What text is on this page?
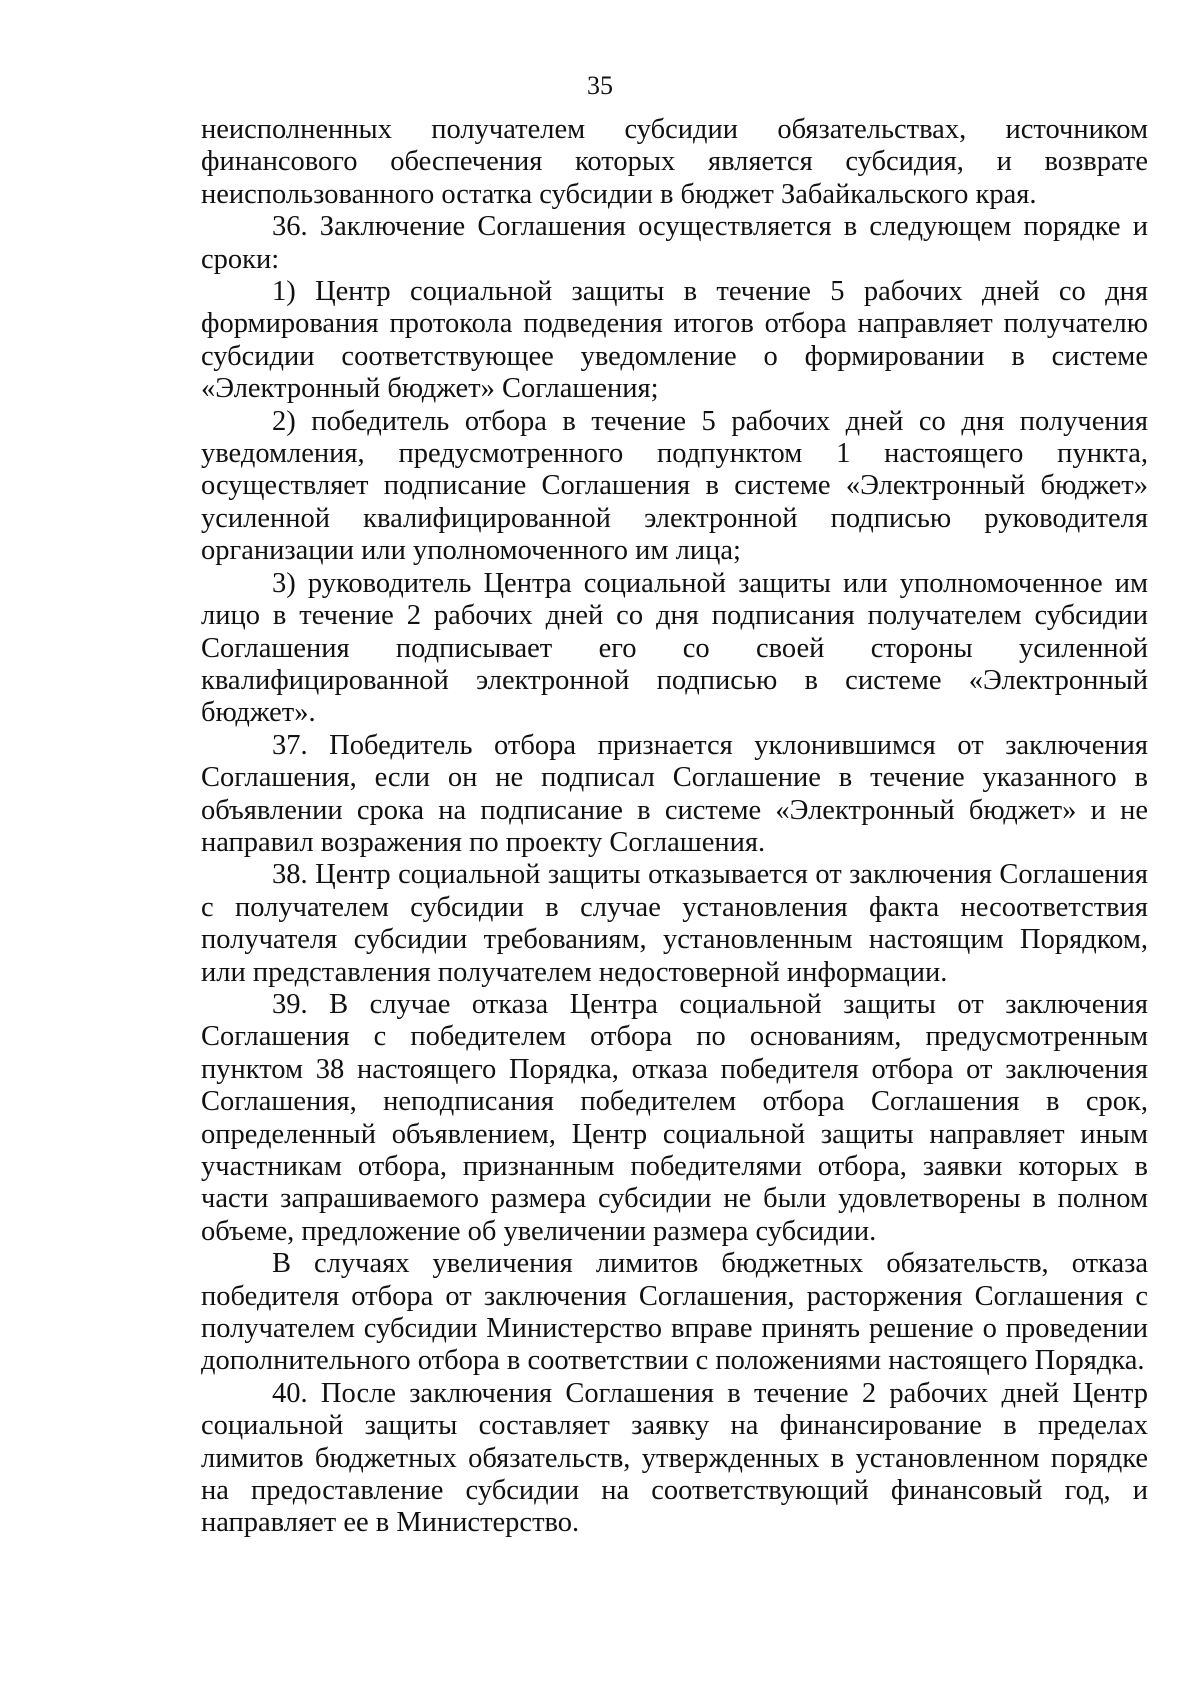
35

неисполненных получателем субсидии обязательствах, источником финансового обеспечения которых является субсидия, и возврате неиспользованного остатка субсидии в бюджет Забайкальского края.

36. Заключение Соглашения осуществляется в следующем порядке и сроки:

1) Центр социальной защиты в течение 5 рабочих дней со дня формирования протокола подведения итогов отбора направляет получателю субсидии соответствующее уведомление о формировании в системе «Электронный бюджет» Соглашения;

2) победитель отбора в течение 5 рабочих дней со дня получения уведомления, предусмотренного подпунктом 1 настоящего пункта, осуществляет подписание Соглашения в системе «Электронный бюджет» усиленной квалифицированной электронной подписью руководителя организации или уполномоченного им лица;

3) руководитель Центра социальной защиты или уполномоченное им лицо в течение 2 рабочих дней со дня подписания получателем субсидии Соглашения подписывает его со своей стороны усиленной квалифицированной электронной подписью в системе «Электронный бюджет».

37. Победитель отбора признается уклонившимся от заключения Соглашения, если он не подписал Соглашение в течение указанного в объявлении срока на подписание в системе «Электронный бюджет» и не направил возражения по проекту Соглашения.

38. Центр социальной защиты отказывается от заключения Соглашения с получателем субсидии в случае установления факта несоответствия получателя субсидии требованиям, установленным настоящим Порядком, или представления получателем недостоверной информации.

39. В случае отказа Центра социальной защиты от заключения Соглашения с победителем отбора по основаниям, предусмотренным пунктом 38 настоящего Порядка, отказа победителя отбора от заключения Соглашения, неподписания победителем отбора Соглашения в срок, определенный объявлением, Центр социальной защиты направляет иным участникам отбора, признанным победителями отбора, заявки которых в части запрашиваемого размера субсидии не были удовлетворены в полном объеме, предложение об увеличении размера субсидии.

В случаях увеличения лимитов бюджетных обязательств, отказа победителя отбора от заключения Соглашения, расторжения Соглашения с получателем субсидии Министерство вправе принять решение о проведении дополнительного отбора в соответствии с положениями настоящего Порядка.

40. После заключения Соглашения в течение 2 рабочих дней Центр социальной защиты составляет заявку на финансирование в пределах лимитов бюджетных обязательств, утвержденных в установленном порядке на предоставление субсидии на соответствующий финансовый год, и направляет ее в Министерство.
